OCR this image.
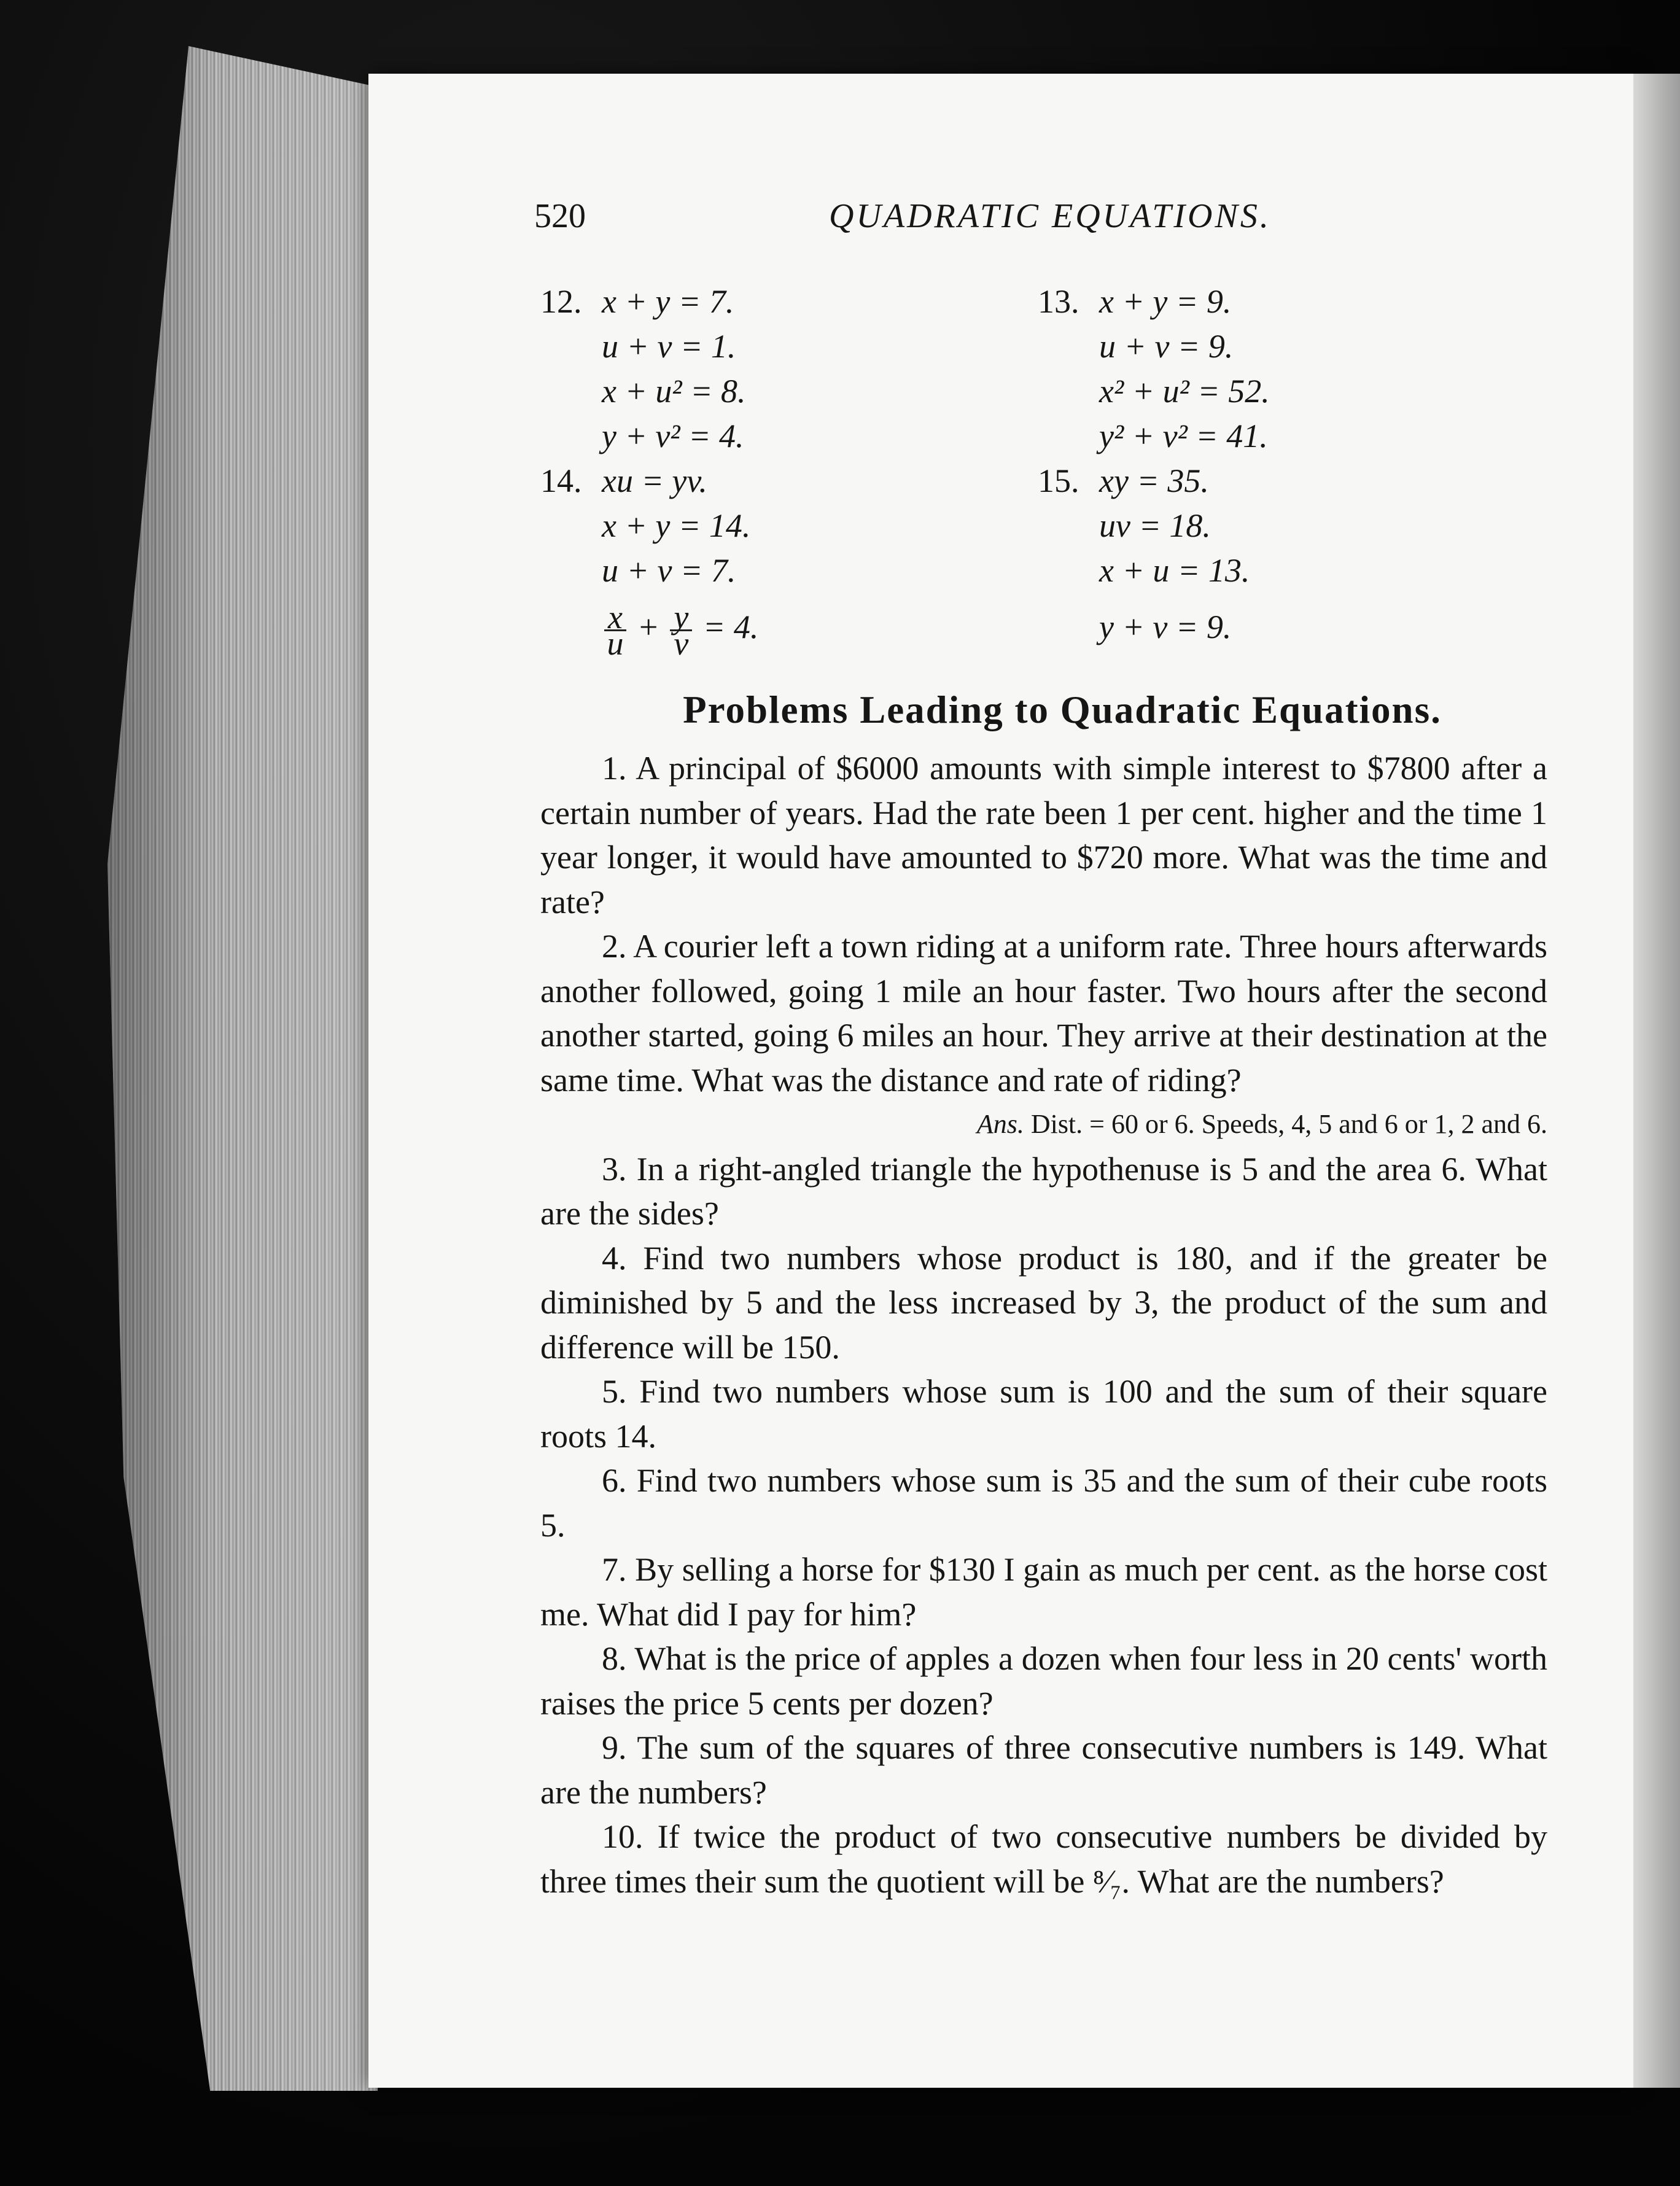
520	QUADRATIC EQUATIONS.
12. x + y = 7.
u + v = 1.
x + u² = 8.
y + v² = 4.
13. x + y = 9.
u + v = 9.
x² + u² = 52.
y² + v² = 41.
14. xu = yv.
x + y = 14.
u + v = 7.
$\frac{x}{u} + \frac{y}{v} = 4$.
15. xy = 35.
uv = 18.
x + u = 13.
y + v = 9.
Problems Leading to Quadratic Equations.

1. A principal of $6000 amounts with simple interest to $7800 after a certain number of years. Had the rate been 1 per cent. higher and the time 1 year longer, it would have amounted to $720 more. What was the time and rate?

2. A courier left a town riding at a uniform rate. Three hours afterwards another followed, going 1 mile an hour faster. Two hours after the second another started, going 6 miles an hour. They arrive at their destination at the same time. What was the distance and rate of riding?

Ans. Dist. = 60 or 6. Speeds, 4, 5 and 6 or 1, 2 and 6.

3. In a right-angled triangle the hypothenuse is 5 and the area 6. What are the sides?

4. Find two numbers whose product is 180, and if the greater be diminished by 5 and the less increased by 3, the product of the sum and difference will be 150.

5. Find two numbers whose sum is 100 and the sum of their square roots 14.

6. Find two numbers whose sum is 35 and the sum of their cube roots 5.

7. By selling a horse for $130 I gain as much per cent. as the horse cost me. What did I pay for him?

8. What is the price of apples a dozen when four less in 20 cents' worth raises the price 5 cents per dozen?

9. The sum of the squares of three consecutive numbers is 149. What are the numbers?

10. If twice the product of two consecutive numbers be divided by three times their sum the quotient will be ⁸⁄₇. What are the numbers?
